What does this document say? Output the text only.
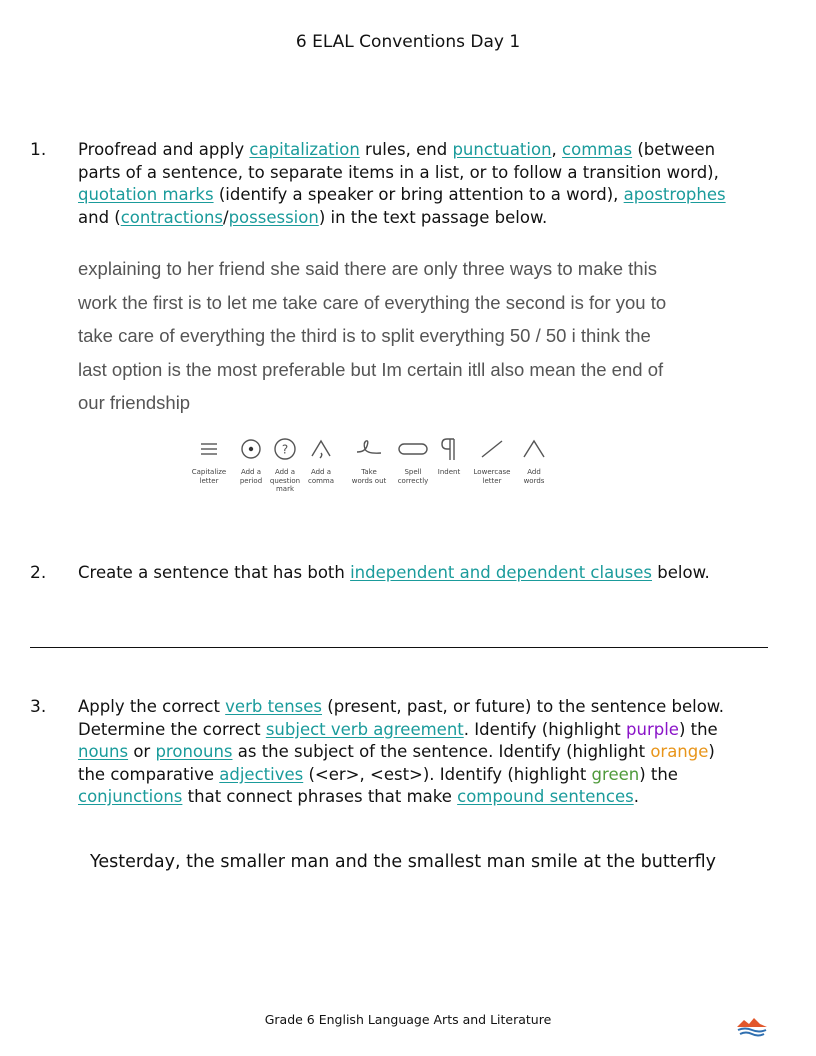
6 ELAL Conventions Day 1
1. Proofread and apply capitalization rules, end punctuation, commas (between
parts of a sentence, to separate items in a list, or to follow a transition word),
quotation marks (identify a speaker or bring attention to a word), apostrophes
and (contractions/possession) in the text passage below.
explaining to her friend she said there are only three ways to make this
work the first is to let me take care of everything the second is for you to
take care of everything the third is to split everything 50 / 50 i think the
last option is the most preferable but Im certain itll also mean the end of
our friendship
Capitalize
letter
Add a
period
?
Add a
question
mark
Add a
comma
Take
words out
Spell
correctly
Indent	Lowercase
letter
Add
words
2. Create a sentence that has both independent and dependent clauses below.
3. Apply the correct verb tenses (present, past, or future) to the sentence below.
Determine the correct subject verb agreement. Identify (highlight purple) the
nouns or pronouns as the subject of the sentence. Identify (highlight orange)
the comparative adjectives (<er>, <est>). Identify (highlight green) the
conjunctions that connect phrases that make compound sentences.
Yesterday, the smaller man and the smallest man smile at the butterfly
Grade 6 English Language Arts and Literature
